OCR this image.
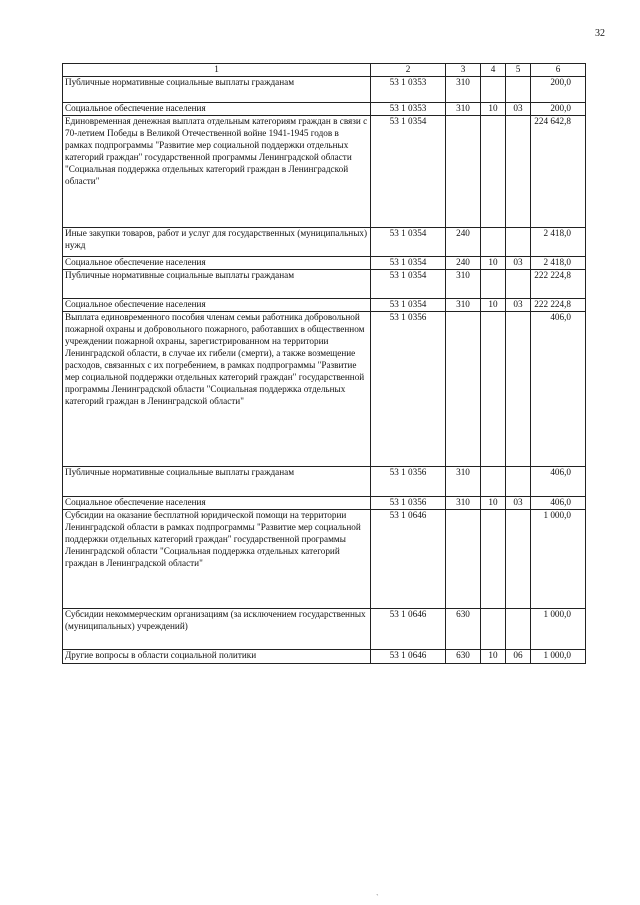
32
1	2	3	4	5	6
Публичные нормативные социальные выплаты гражданам	53 1 0353	310			200,0
Социальное обеспечение населения	53 1 0353	310	10	03	200,0
Единовременная денежная выплата отдельным категориям граждан в связи с 70-летием Победы в Великой Отечественной войне 1941-1945 годов в рамках подпрограммы "Развитие мер социальной поддержки отдельных категорий граждан" государственной программы Ленинградской области "Социальная поддержка отдельных категорий граждан в Ленинградской области"	53 1 0354				224 642,8
Иные закупки товаров, работ и услуг для государственных (муниципальных) нужд	53 1 0354	240			2 418,0
Социальное обеспечение населения	53 1 0354	240	10	03	2 418,0
Публичные нормативные социальные выплаты гражданам	53 1 0354	310			222 224,8
Социальное обеспечение населения	53 1 0354	310	10	03	222 224,8
Выплата единовременного пособия членам семьи работника добровольной пожарной охраны и добровольного пожарного, работавших в общественном учреждении пожарной охраны, зарегистрированном на территории Ленинградской области, в случае их гибели (смерти), а также возмещение расходов, связанных с их погребением, в рамках подпрограммы "Развитие мер социальной поддержки отдельных категорий граждан" государственной программы Ленинградской области "Социальная поддержка отдельных категорий граждан в Ленинградской области"	53 1 0356				406,0
Публичные нормативные социальные выплаты гражданам	53 1 0356	310			406,0
Социальное обеспечение населения	53 1 0356	310	10	03	406,0
Субсидии на оказание бесплатной юридической помощи на территории Ленинградской области в рамках подпрограммы "Развитие мер социальной поддержки отдельных категорий граждан" государственной программы Ленинградской области "Социальная поддержка отдельных категорий граждан в Ленинградской области"	53 1 0646				1 000,0
Субсидии некоммерческим организациям (за исключением государственных (муниципальных) учреждений)	53 1 0646	630			1 000,0
Другие вопросы в области социальной политики	53 1 0646	630	10	06	1 000,0
`
